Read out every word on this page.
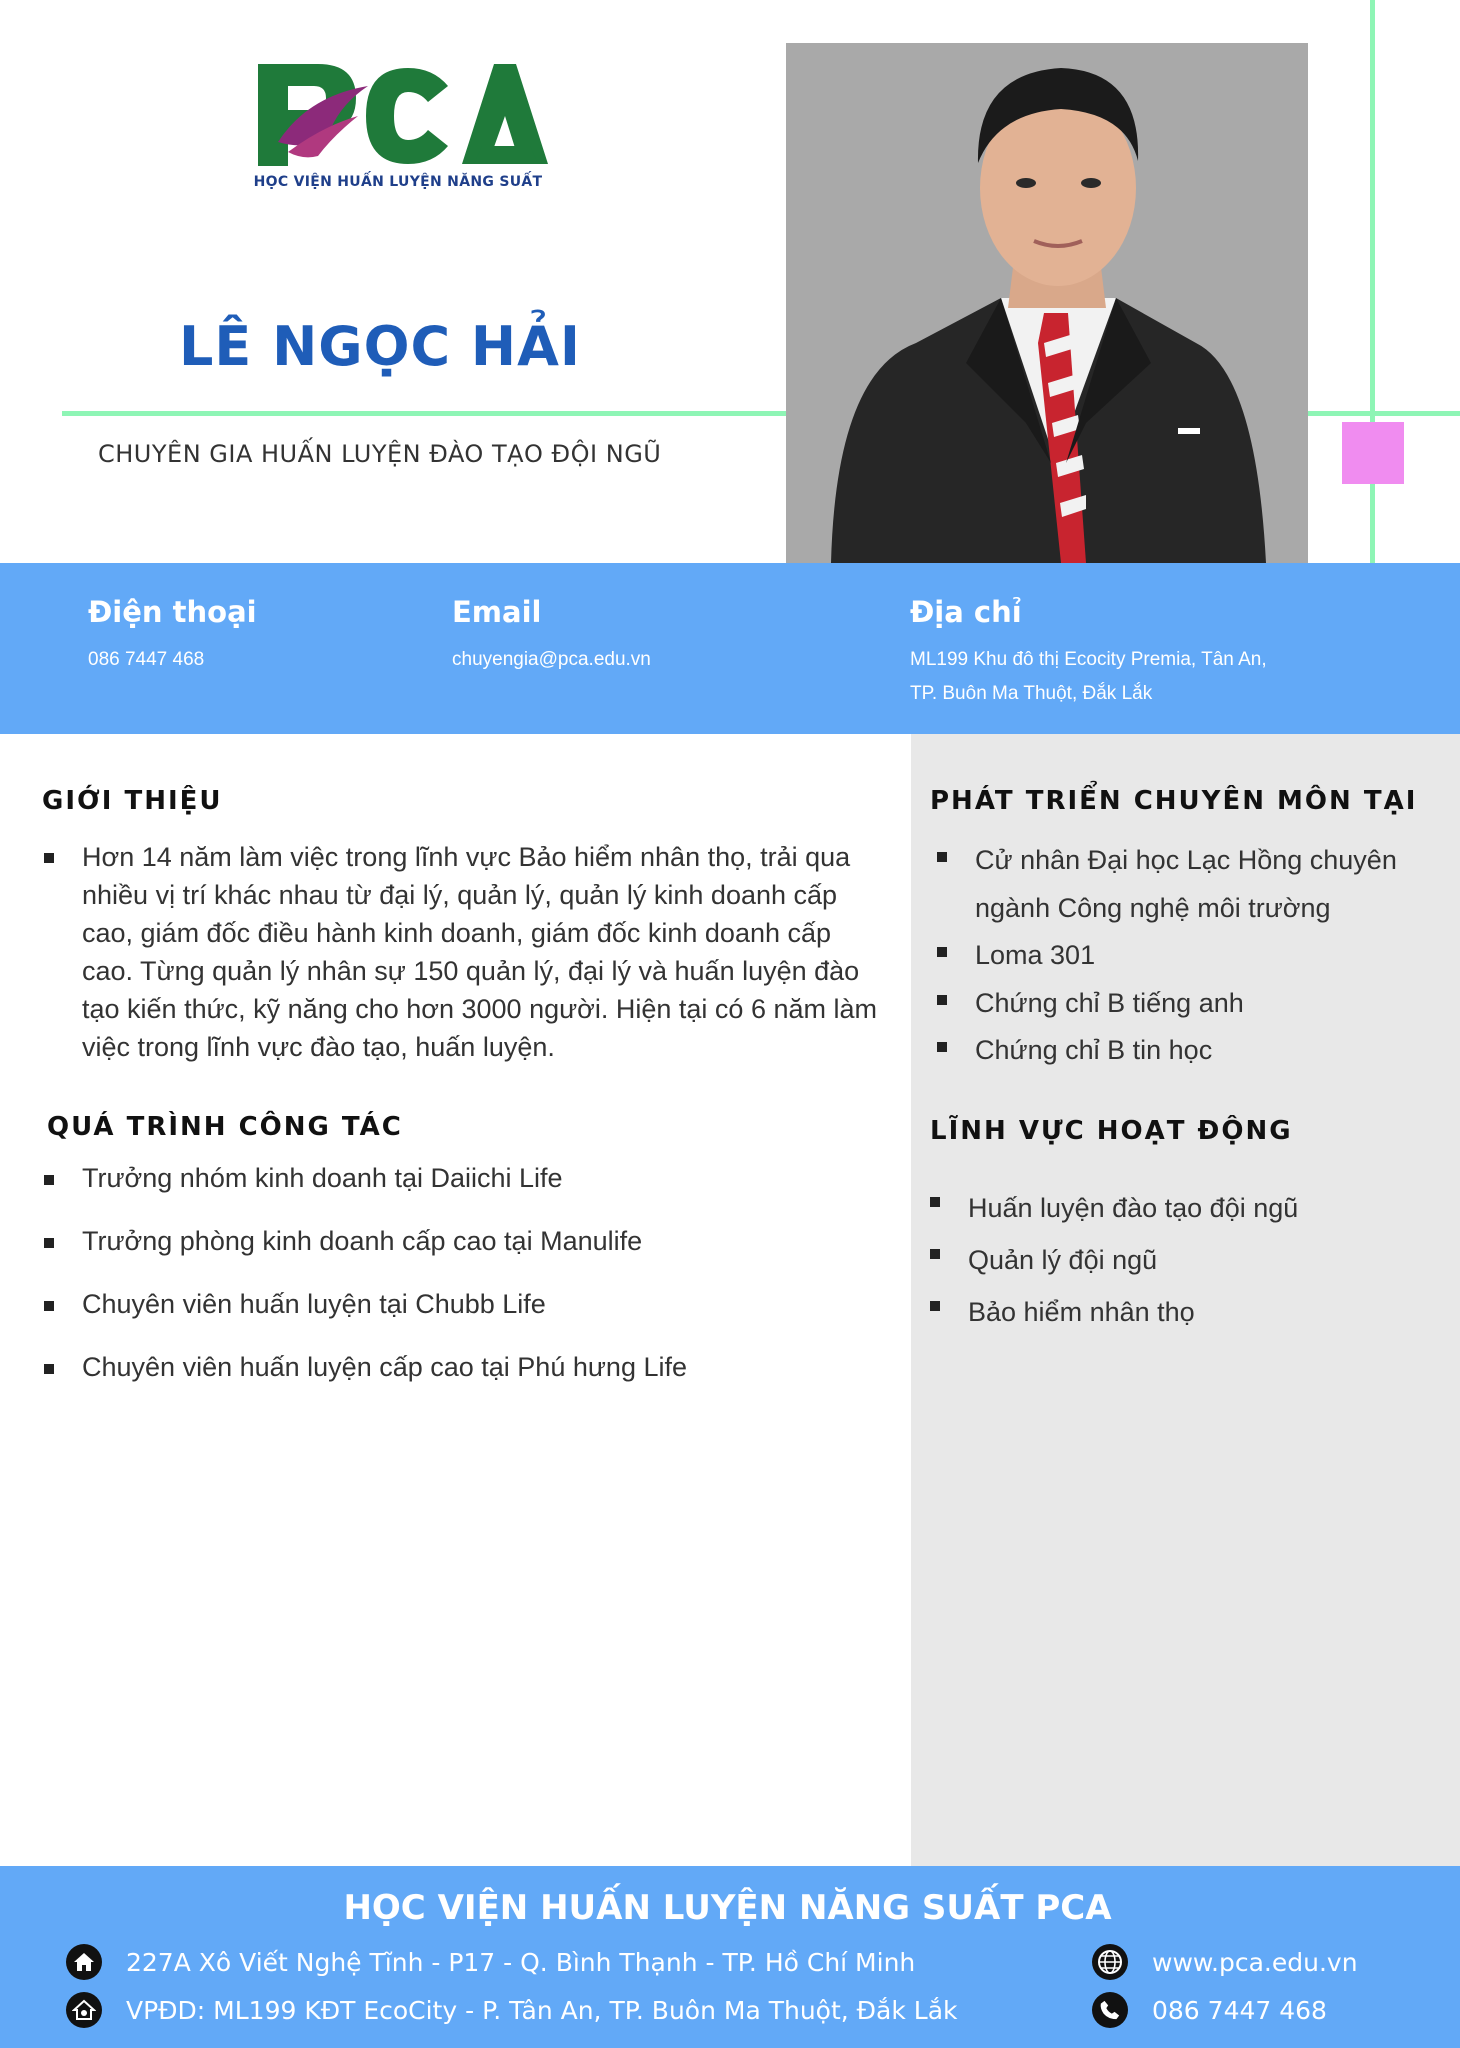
HỌC VIỆN HUẤN LUYỆN NĂNG SUẤT
LÊ NGỌC HẢI
CHUYÊN GIA HUẤN LUYỆN ĐÀO TẠO ĐỘI NGŨ
Điện thoại
086 7447 468
Email
chuyengia@pca.edu.vn
Địa chỉ
ML199 Khu đô thị Ecocity Premia, Tân An,
TP. Buôn Ma Thuột, Đắk Lắk
GIỚI THIỆU
Hơn 14 năm làm việc trong lĩnh vực Bảo hiểm nhân thọ, trải qua nhiều vị trí khác nhau từ đại lý, quản lý, quản lý kinh doanh cấp cao, giám đốc điều hành kinh doanh, giám đốc kinh doanh cấp cao. Từng quản lý nhân sự 150 quản lý, đại lý và huấn luyện đào tạo kiến thức, kỹ năng cho hơn 3000 người. Hiện tại có 6 năm làm việc trong lĩnh vực đào tạo, huấn luyện.
QUÁ TRÌNH CÔNG TÁC
Trưởng nhóm kinh doanh tại Daiichi Life
Trưởng phòng kinh doanh cấp cao tại Manulife
Chuyên viên huấn luyện tại Chubb Life
Chuyên viên huấn luyện cấp cao tại Phú hưng Life
PHÁT TRIỂN CHUYÊN MÔN TẠI
Cử nhân Đại học Lạc Hồng chuyên ngành Công nghệ môi trường
Loma 301
Chứng chỉ B tiếng anh
Chứng chỉ B tin học
LĨNH VỰC HOẠT ĐỘNG
Huấn luyện đào tạo đội ngũ
Quản lý đội ngũ
Bảo hiểm nhân thọ
HỌC VIỆN HUẤN LUYỆN NĂNG SUẤT PCA
227A Xô Viết Nghệ Tĩnh - P17 - Q. Bình Thạnh - TP. Hồ Chí Minh
VPĐD: ML199 KĐT EcoCity - P. Tân An, TP. Buôn Ma Thuột, Đắk Lắk
www.pca.edu.vn
086 7447 468
